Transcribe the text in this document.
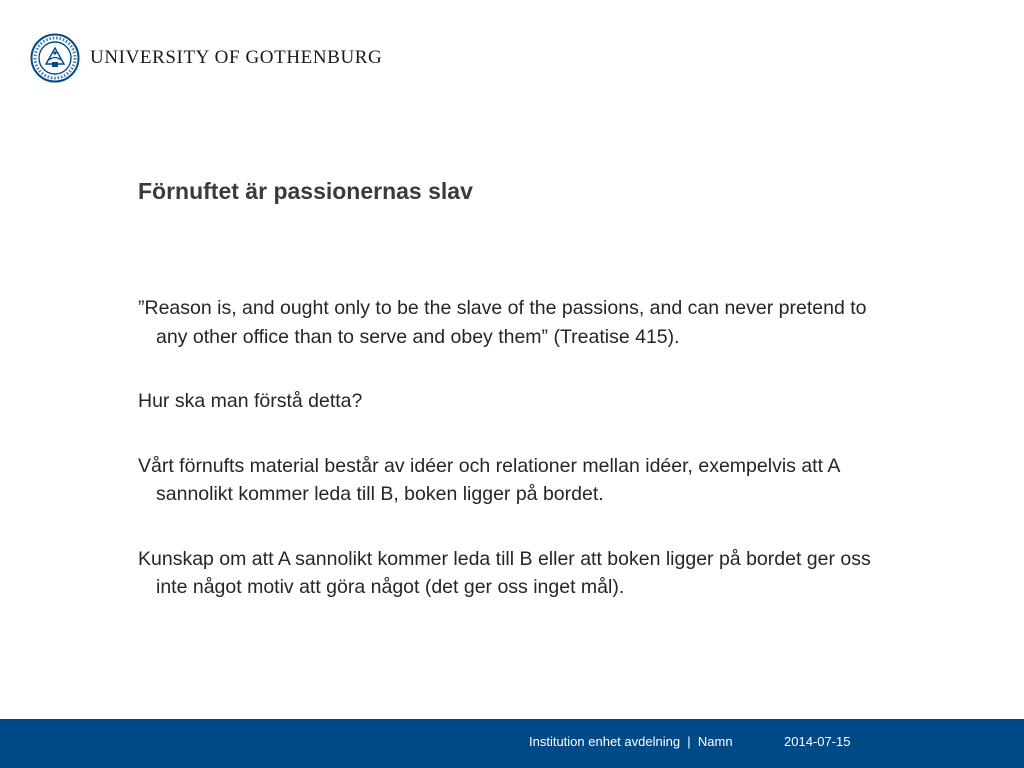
UNIVERSITY OF GOTHENBURG
Förnuftet är passionernas slav

”Reason is, and ought only to be the slave of the passions, and can never pretend to any other office than to serve and obey them” (Treatise 415).

Hur ska man förstå detta?

Vårt förnufts material består av idéer och relationer mellan idéer, exempelvis att A sannolikt kommer leda till B, boken ligger på bordet.

Kunskap om att A sannolikt kommer leda till B eller att boken ligger på bordet ger oss inte något motiv att göra något (det ger oss inget mål).

Institution enhet avdelning  |  Namn	2014-07-15
